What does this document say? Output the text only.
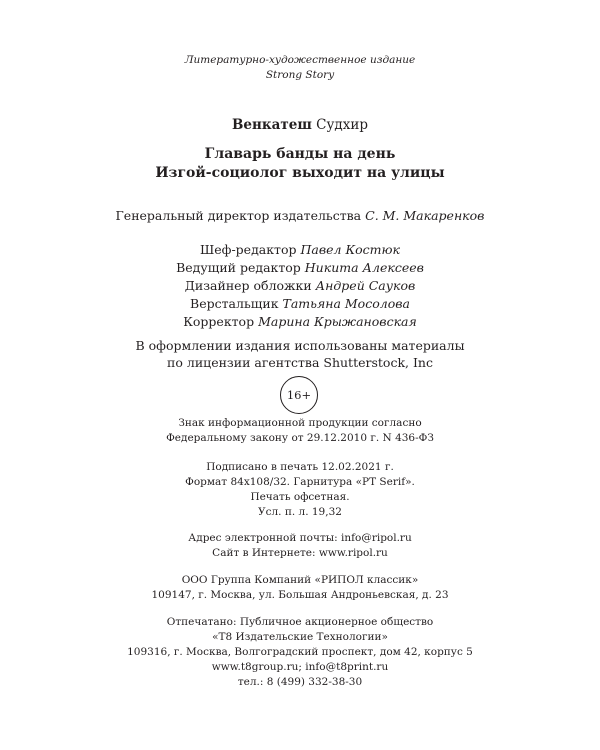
Литературно-художественное издание
Strong Story
Венкатеш Судхир
Главарь банды на день
Изгой-социолог выходит на улицы
Генеральный директор издательства С. М. Макаренков
Шеф-редактор Павел Костюк
Ведущий редактор Никита Алексеев
Дизайнер обложки Андрей Сауков
Верстальщик Татьяна Мосолова
Корректор Марина Крыжановская
В оформлении издания использованы материалы
по лицензии агентства Shutterstock, Inc
16+
Знак информационной продукции согласно
Федеральному закону от 29.12.2010 г. N 436-ФЗ
Подписано в печать 12.02.2021 г.
Формат 84х108/32. Гарнитура «PT Serif».
Печать офсетная.
Усл. п. л. 19,32
Адрес электронной почты: info@ripol.ru
Сайт в Интернете: www.ripol.ru
ООО Группа Компаний «РИПОЛ классик»
109147, г. Москва, ул. Большая Андроньевская, д. 23
Отпечатано: Публичное акционерное общество
«Т8 Издательские Технологии»
109316, г. Москва, Волгоградский проспект, дом 42, корпус 5
www.t8group.ru; info@t8print.ru
тел.: 8 (499) 332-38-30
